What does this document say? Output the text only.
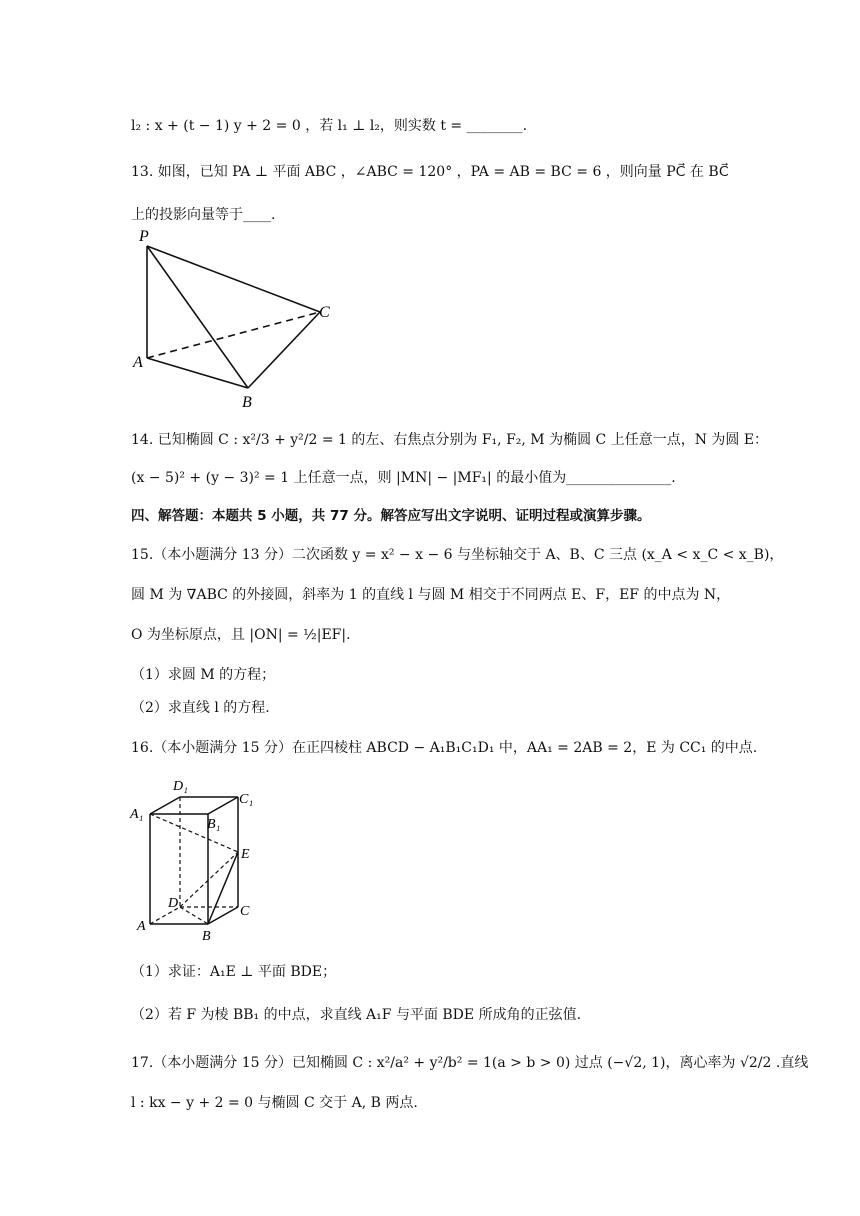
l₂ : x + (t − 1) y + 2 = 0 ，若 l₁ ⊥ l₂，则实数 t = ________.
13. 如图，已知 PA ⊥ 平面 ABC ，∠ABC = 120° ，PA = AB = BC = 6 ，则向量 PC⃗ 在 BC⃗
上的投影向量等于____.
P
A
B
C
14. 已知椭圆 C : x²/3 + y²/2 = 1 的左、右焦点分别为 F₁, F₂, M 为椭圆 C 上任意一点，N 为圆 E：
(x − 5)² + (y − 3)² = 1 上任意一点，则 |MN| − |MF₁| 的最小值为_______________.
四、解答题：本题共 5 小题，共 77 分。解答应写出文字说明、证明过程或演算步骤。
15.（本小题满分 13 分）二次函数 y = x² − x − 6 与坐标轴交于 A、B、C 三点 (x_A < x_C < x_B)，
圆 M 为 ∇ABC 的外接圆，斜率为 1 的直线 l 与圆 M 相交于不同两点 E、F，EF 的中点为 N，
O 为坐标原点，且 |ON| = ½|EF|.
（1）求圆 M 的方程；
（2）求直线 l 的方程.
16.（本小题满分 15 分）在正四棱柱 ABCD − A₁B₁C₁D₁ 中，AA₁ = 2AB = 2，E 为 CC₁ 的中点.
D₁
C₁
A₁
B₁
E
D
C
A
B
（1）求证：A₁E ⊥ 平面 BDE；
（2）若 F 为棱 BB₁ 的中点，求直线 A₁F 与平面 BDE 所成角的正弦值.
17.（本小题满分 15 分）已知椭圆 C : x²/a² + y²/b² = 1(a > b > 0) 过点 (−√2, 1)，离心率为 √2/2 .直线
l : kx − y + 2 = 0 与椭圆 C 交于 A, B 两点.
